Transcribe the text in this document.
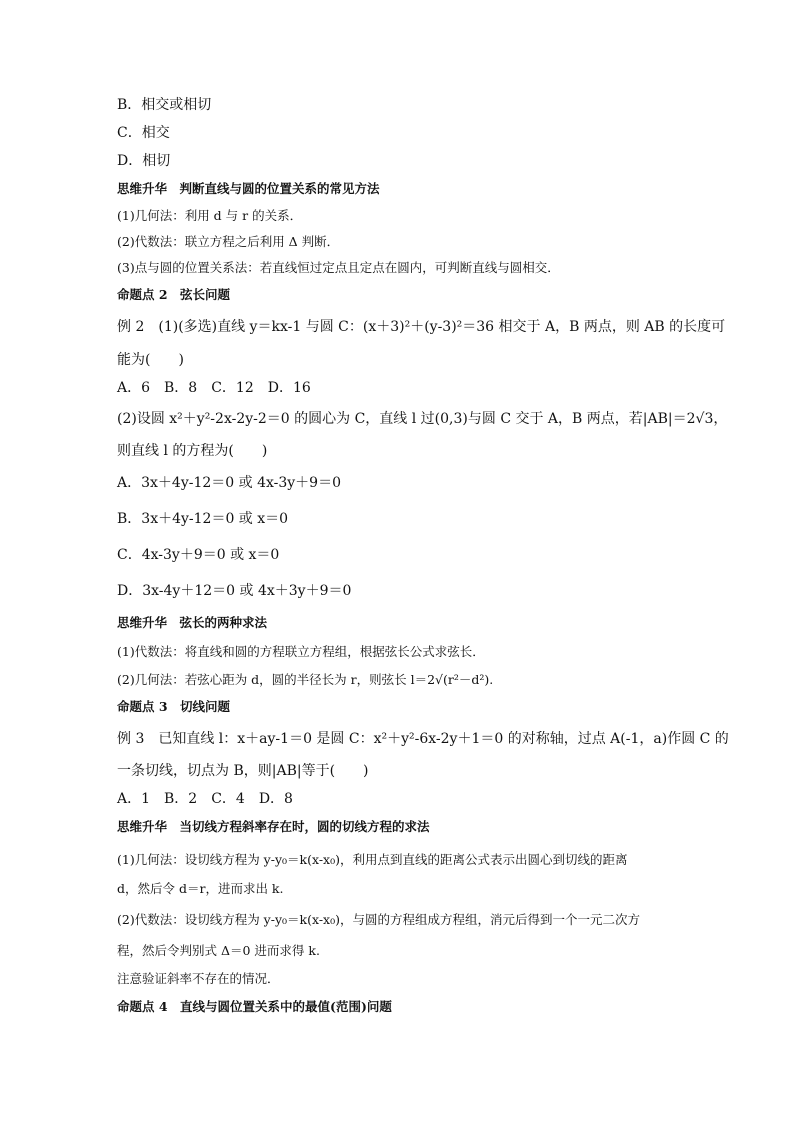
B．相交或相切
C．相交
D．相切
思维升华　判断直线与圆的位置关系的常见方法
(1)几何法：利用 d 与 r 的关系．
(2)代数法：联立方程之后利用 Δ 判断．
(3)点与圆的位置关系法：若直线恒过定点且定点在圆内，可判断直线与圆相交．
命题点 2　弦长问题
例 2　(1)(多选)直线 y＝kx-1 与圆 C：(x＋3)²＋(y-3)²＝36 相交于 A，B 两点，则 AB 的长度可
能为(　　)
A．6　B．8　C．12　D．16
(2)设圆 x²＋y²-2x-2y-2＝0 的圆心为 C，直线 l 过(0,3)与圆 C 交于 A，B 两点，若|AB|＝2√3，
则直线 l 的方程为(　　)
A．3x＋4y-12＝0 或 4x-3y＋9＝0
B．3x＋4y-12＝0 或 x＝0
C．4x-3y＋9＝0 或 x＝0
D．3x-4y＋12＝0 或 4x＋3y＋9＝0
思维升华　弦长的两种求法
(1)代数法：将直线和圆的方程联立方程组，根据弦长公式求弦长．
(2)几何法：若弦心距为 d，圆的半径长为 r，则弦长 l＝2√(r²－d²).
命题点 3　切线问题
例 3　已知直线 l：x＋ay-1＝0 是圆 C：x²＋y²-6x-2y＋1＝0 的对称轴，过点 A(-1，a)作圆 C 的
一条切线，切点为 B，则|AB|等于(　　)
A．1　B．2　C．4　D．8
思维升华　当切线方程斜率存在时，圆的切线方程的求法
(1)几何法：设切线方程为 y-y₀＝k(x-x₀)，利用点到直线的距离公式表示出圆心到切线的距离
d，然后令 d＝r，进而求出 k.
(2)代数法：设切线方程为 y-y₀＝k(x-x₀)，与圆的方程组成方程组，消元后得到一个一元二次方
程，然后令判别式 Δ＝0 进而求得 k.
注意验证斜率不存在的情况．
命题点 4　直线与圆位置关系中的最值(范围)问题
